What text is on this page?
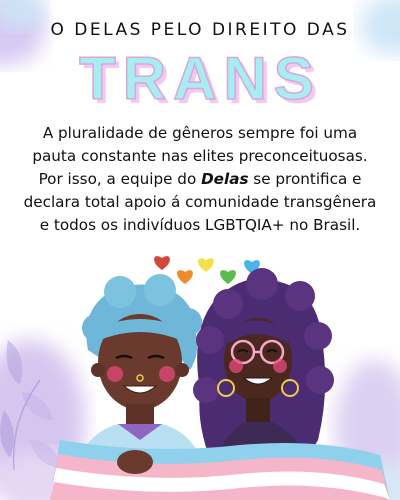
O DELAS PELO DIREITO DAS
TRANS
A pluralidade de gêneros sempre foi uma
pauta constante nas elites preconceituosas.
Por isso, a equipe do Delas se prontifica e
declara total apoio á comunidade transgênera
e todos os indivíduos LGBTQIA+ no Brasil.
